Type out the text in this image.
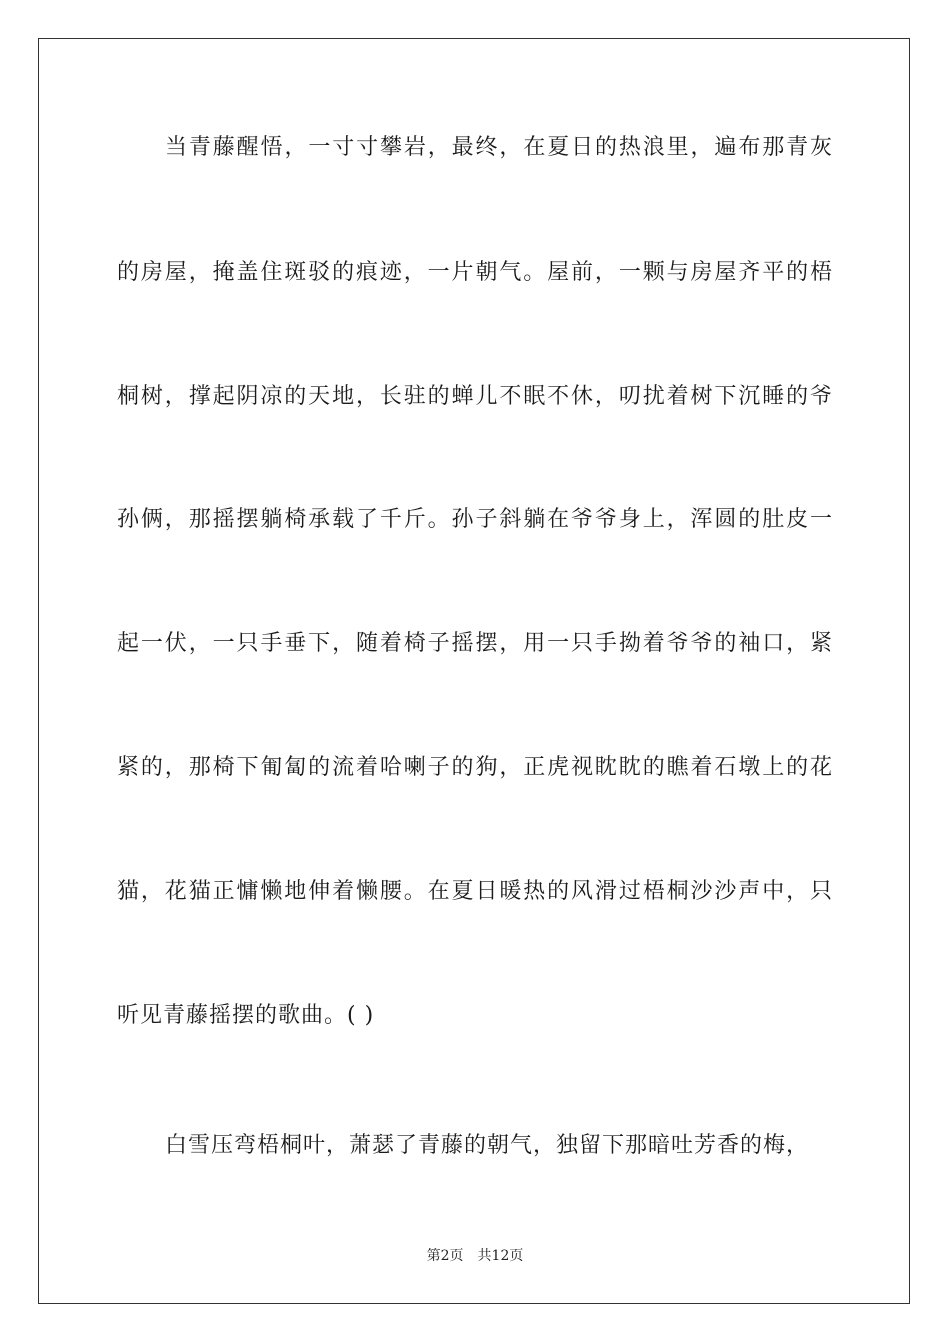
当青藤醒悟，一寸寸攀岩，最终，在夏日的热浪里，遍布那青灰
的房屋，掩盖住斑驳的痕迹，一片朝气。屋前，一颗与房屋齐平的梧
桐树，撑起阴凉的天地，长驻的蝉儿不眠不休，叨扰着树下沉睡的爷
孙俩，那摇摆躺椅承载了千斤。孙子斜躺在爷爷身上，浑圆的肚皮一
起一伏，一只手垂下，随着椅子摇摆，用一只手拗着爷爷的袖口，紧
紧的，那椅下匍匐的流着哈喇子的狗，正虎视眈眈的瞧着石墩上的花
猫，花猫正慵懒地伸着懒腰。在夏日暖热的风滑过梧桐沙沙声中，只
听见青藤摇摆的歌曲。( )
白雪压弯梧桐叶，萧瑟了青藤的朝气，独留下那暗吐芳香的梅，
第2页 共12页
